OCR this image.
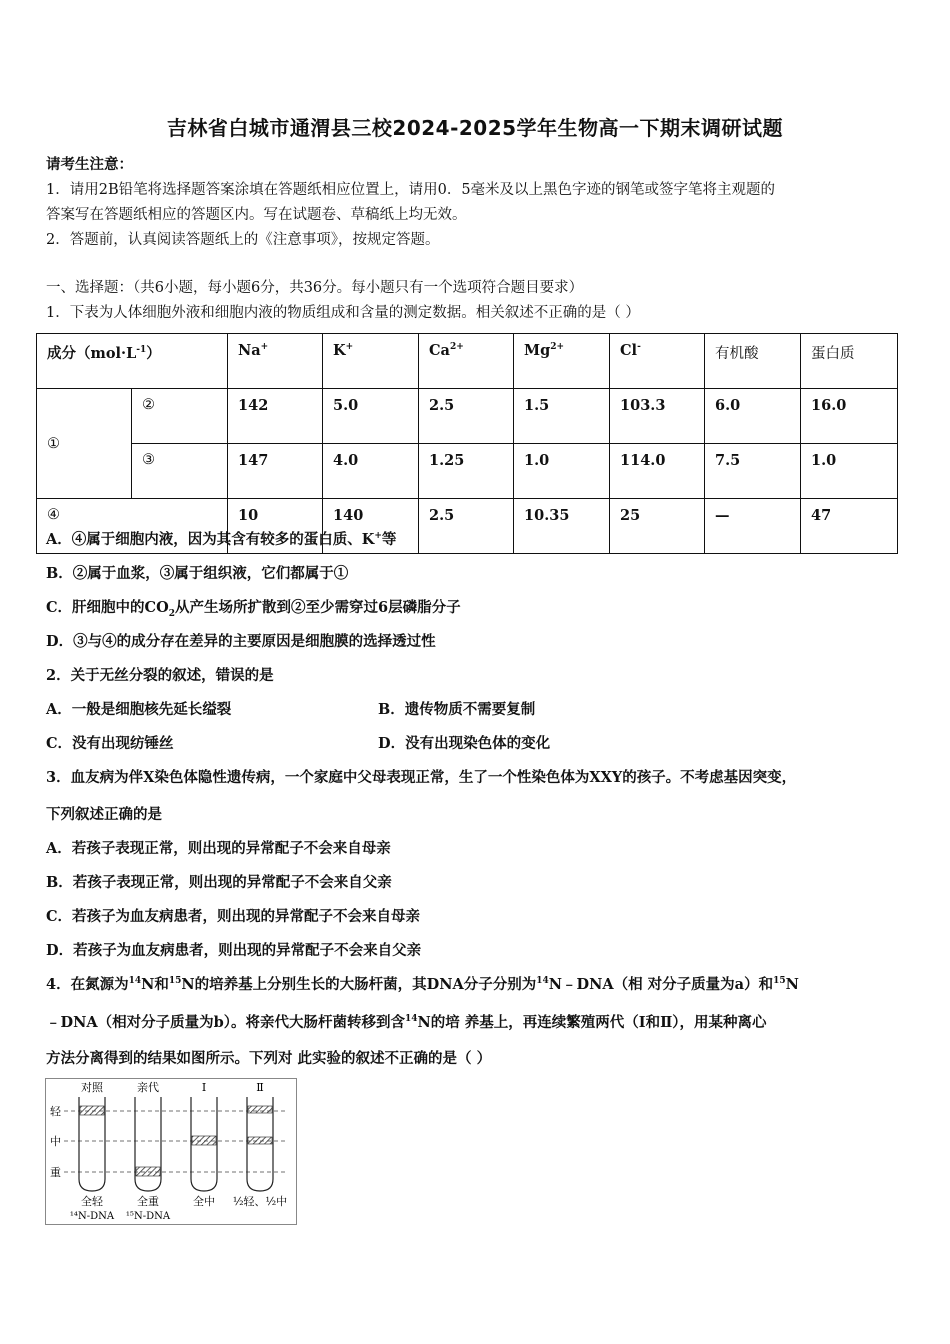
吉林省白城市通渭县三校2024-2025学年生物高一下期末调研试题
请考生注意：
1．请用2B铅笔将选择题答案涂填在答题纸相应位置上，请用0．5毫米及以上黑色字迹的钢笔或签字笔将主观题的
答案写在答题纸相应的答题区内。写在试题卷、草稿纸上均无效。
2．答题前，认真阅读答题纸上的《注意事项》，按规定答题。
一、选择题：（共6小题，每小题6分，共36分。每小题只有一个选项符合题目要求）
1．下表为人体细胞外液和细胞内液的物质组成和含量的测定数据。相关叙述不正确的是（ ）
成分$(mol\cdot L^{-1})$		Na+	K+	$Ca^{2+}$	$Mg^{2+}$	Cl-	有机酸	蛋白质
①	②	142	5.0	2.5	1.5	103.3	6.0	16.0
	③	147	4.0	1.25	1.0	114.0	7.5	1.0
④		10	140	2.5	10.35	25	—	47
A．④属于细胞内液，因为其含有较多的蛋白质、K+等
B．②属于血浆，③属于组织液，它们都属于①
C．肝细胞中的$CO_2$从产生场所扩散到②至少需穿过6层磷脂分子
D．③与④的成分存在差异的主要原因是细胞膜的选择透过性
2．关于无丝分裂的叙述，错误的是
A．一般是细胞核先延长缢裂	B．遗传物质不需要复制
C．没有出现纺锤丝	D．没有出现染色体的变化
3．血友病为伴X染色体隐性遗传病，一个家庭中父母表现正常，生了一个性染色体为XXY的孩子。不考虑基因突变，
下列叙述正确的是
A．若孩子表现正常，则出现的异常配子不会来自母亲
B．若孩子表现正常，则出现的异常配子不会来自父亲
C．若孩子为血友病患者，则出现的异常配子不会来自母亲
D．若孩子为血友病患者，则出现的异常配子不会来自父亲
4．在氮源为$^{14}$N和$^{15}$N的培养基上分别生长的大肠杆菌，其DNA分子分别为$^{14}$N﹣DNA（相 对分子质量为a）和$^{15}$N
﹣DNA（相对分子质量为b）。将亲代大肠杆菌转移到含$^{14}$N的培 养基上，再连续繁殖两代（Ⅰ和Ⅱ），用某种离心
方法分离得到的结果如图所示。下列对 此实验的叙述不正确的是（ ）
对照	亲代	Ⅰ	Ⅱ
轻
中
重
全轻	全重	全中 ½轻、½中
¹⁴N-DNA ¹⁵N-DNA
